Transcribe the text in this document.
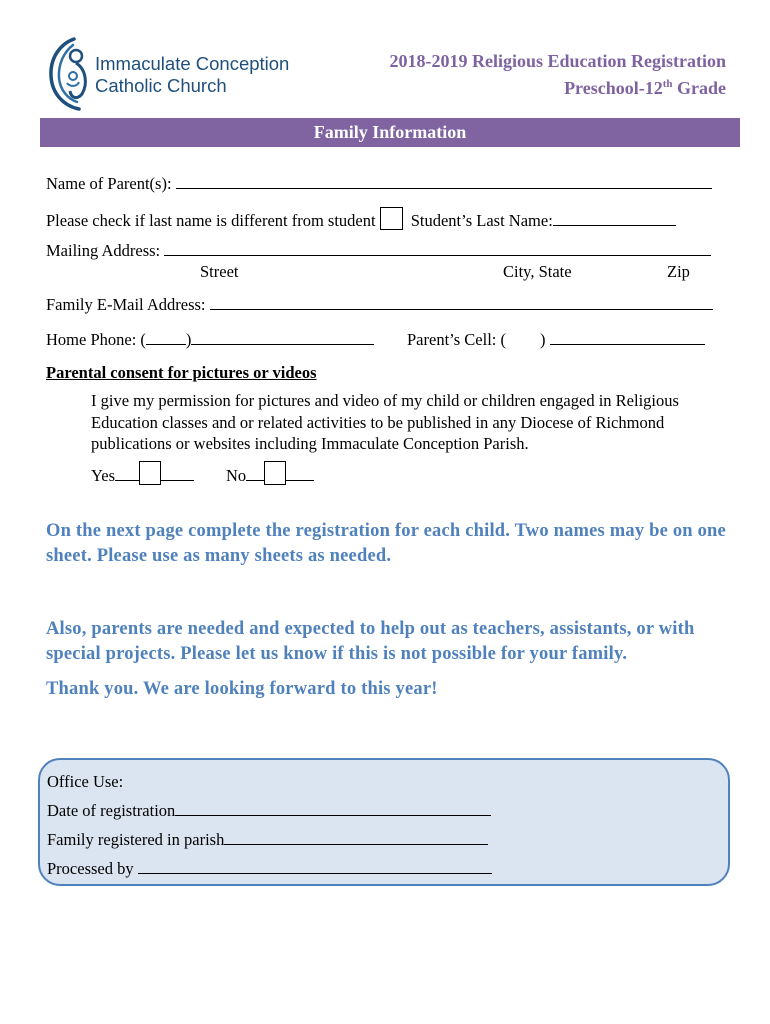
Immaculate Conception
Catholic Church
2018-2019 Religious Education Registration
Preschool-12th Grade
Family Information
Name of Parent(s):
Please check if last name is different from student Student’s Last Name:
Mailing Address:
Street	City, State	Zip
Family E-Mail Address:
Home Phone: ( )	Parent’s Cell: ( )
Parental consent for pictures or videos
I give my permission for pictures and video of my child or children engaged in Religious Education classes and or related activities to be published in any Diocese of Richmond publications or websites including Immaculate Conception Parish.
Yes	No
On the next page complete the registration for each child. Two names may be on one sheet. Please use as many sheets as needed.
Also, parents are needed and expected to help out as teachers, assistants, or with special projects. Please let us know if this is not possible for your family.
Thank you. We are looking forward to this year!
Office Use:
Date of registration
Family registered in parish
Processed by
